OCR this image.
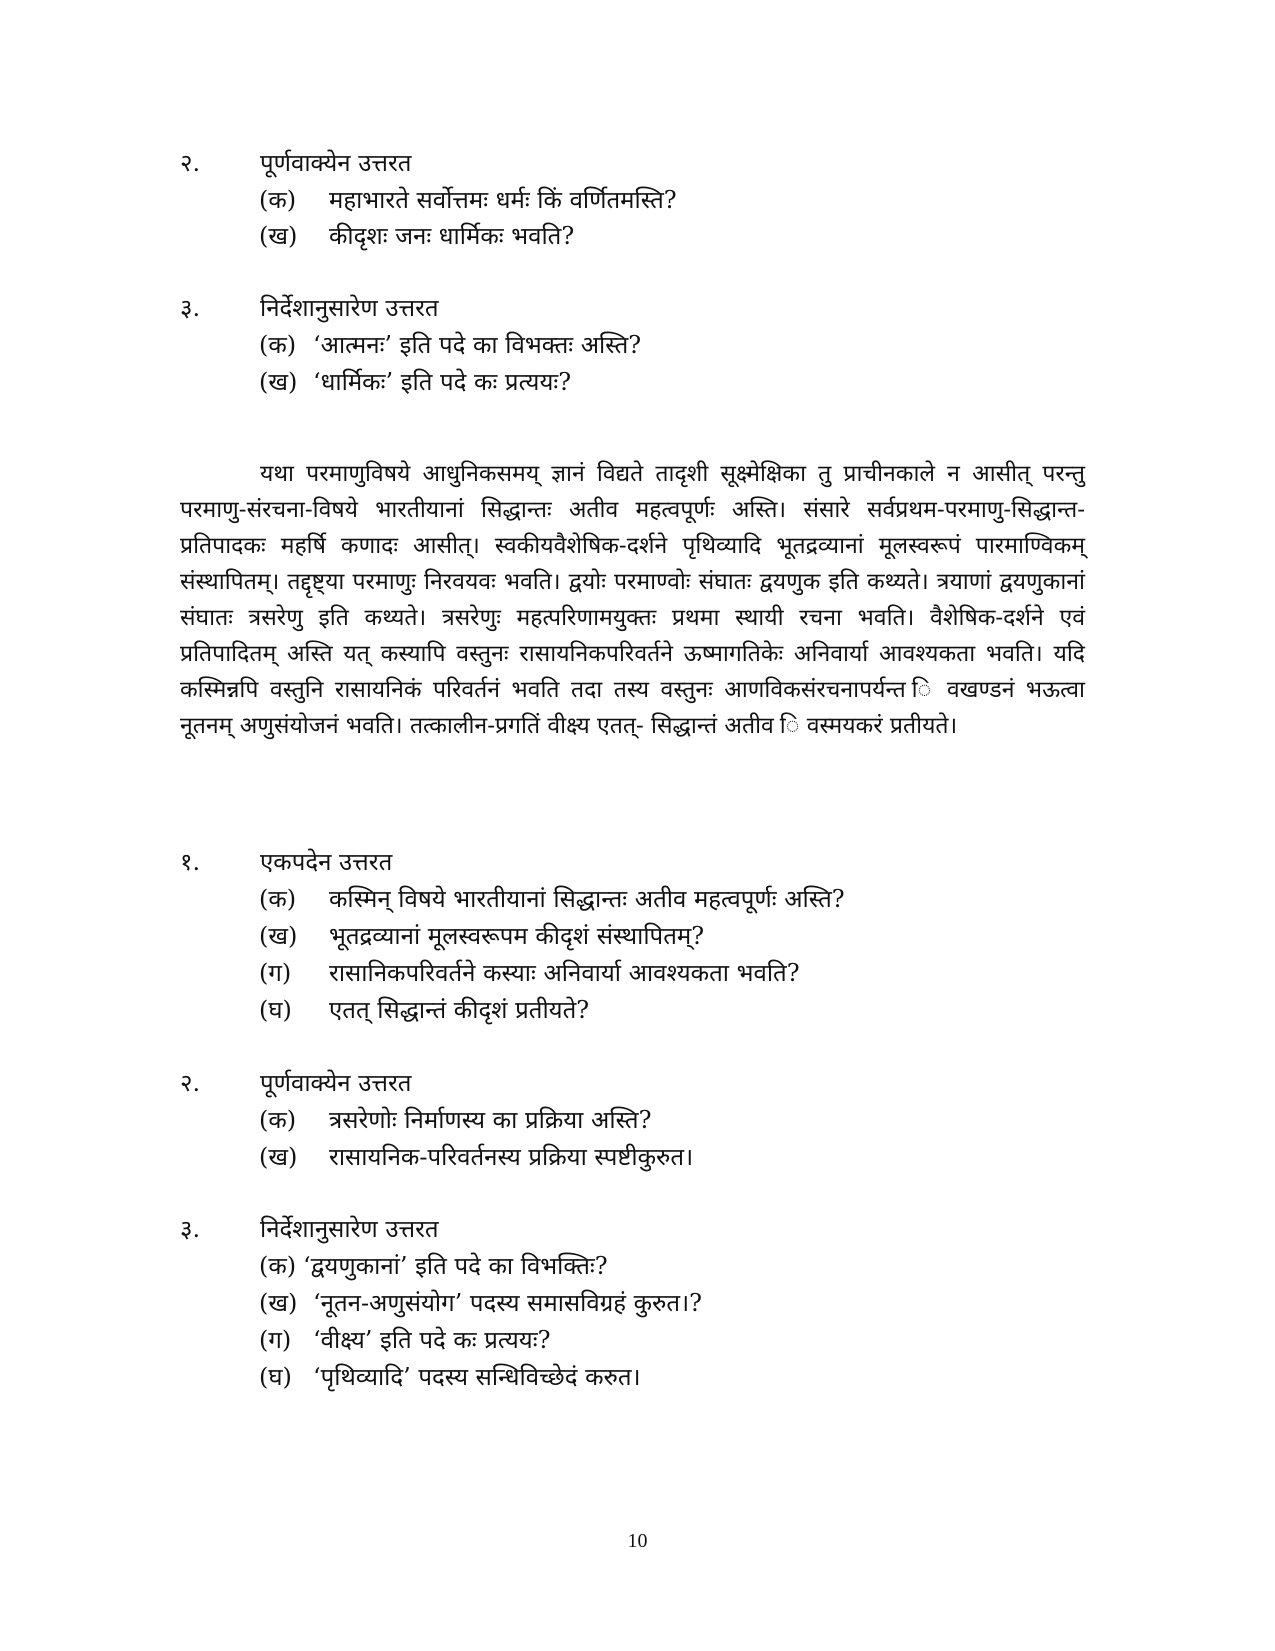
२. पूर्णवाक्येन उत्तरत
(क) महाभारते सर्वोत्तमः धर्मः किं वर्णितमस्ति?
(ख) कीदृशः जनः धार्मिकः भवति?
३. निर्देशानुसारेण उत्तरत
(क) ‘आत्मनः’ इति पदे का विभक्तः अस्ति?
(ख) ‘धार्मिकः’ इति पदे कः प्रत्ययः?

यथा परमाणुविषये आधुनिकसमय् ज्ञानं विद्यते तादृशी सूक्ष्मेक्षिका तु प्राचीनकाले न आसीत् परन्तु परमाणु-संरचना-विषये भारतीयानां सिद्धान्तः अतीव महत्वपूर्णः अस्ति। संसारे सर्वप्रथम-परमाणु-सिद्धान्त-प्रतिपादकः महर्षि कणादः आसीत्। स्वकीयवैशेषिक-दर्शने पृथिव्यादि भूतद्रव्यानां मूलस्वरूपं पारमाण्विकम् संस्थापितम्। तद्दृष्ट्या परमाणुः निरवयवः भवति। द्वयोः परमाण्वोः संघातः द्वयणुक इति कथ्यते। त्रयाणां द्वयणुकानां संघातः त्रसरेणु इति कथ्यते। त्रसरेणुः महत्परिणामयुक्तः प्रथमा स्थायी रचना भवति। वैशेषिक-दर्शने एवं प्रतिपादितम् अस्ति यत् कस्यापि वस्तुनः रासायनिकपरिवर्तने ऊष्मागतिकेः अनिवार्या आवश्यकता भवति। यदि कस्मिन्नपि वस्तुनि रासायनिकं परिवर्तनं भवति तदा तस्य वस्तुनः आणविकसंरचनापर्यन्त ि वखण्डनं भऊत्वा नूतनम् अणुसंयोजनं भवति। तत्कालीन-प्रगतिं वीक्ष्य एतत्- सिद्धान्तं अतीव ि वस्मयकरं प्रतीयते।

१. एकपदेन उत्तरत
(क) कस्मिन् विषये भारतीयानां सिद्धान्तः अतीव महत्वपूर्णः अस्ति?
(ख) भूतद्रव्यानां मूलस्वरूपम कीदृशं संस्थापितम्?
(ग) रासानिकपरिवर्तने कस्याः अनिवार्या आवश्यकता भवति?
(घ) एतत् सिद्धान्तं कीदृशं प्रतीयते?
२. पूर्णवाक्येन उत्तरत
(क) त्रसरेणोः निर्माणस्य का प्रक्रिया अस्ति?
(ख) रासायनिक-परिवर्तनस्य प्रक्रिया स्पष्टीकुरुत।
३. निर्देशानुसारेण उत्तरत
(क) ‘द्वयणुकानां’ इति पदे का विभक्तिः?
(ख) ‘नूतन-अणुसंयोग’ पदस्य समासविग्रहं कुरुत।?
(ग) ‘वीक्ष्य’ इति पदे कः प्रत्ययः?
(घ) ‘पृथिव्यादि’ पदस्य सन्धिविच्छेदं करुत।
10
